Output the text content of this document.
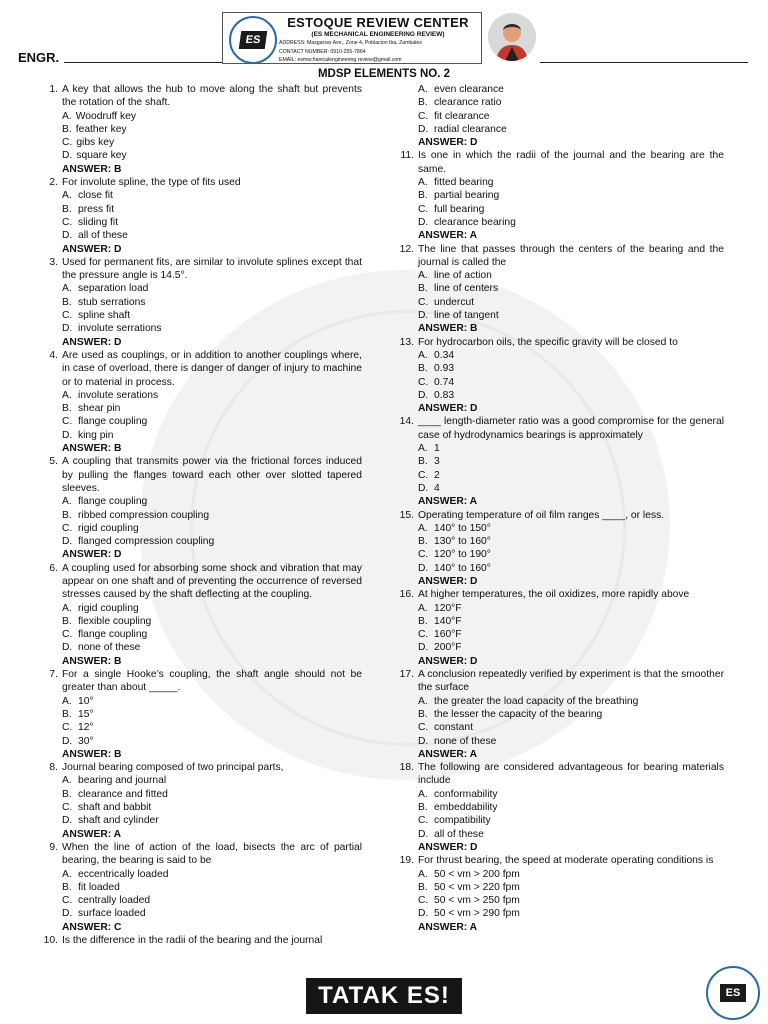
ES
ESTOQUE REVIEW CENTER
(ES MECHANICAL ENGINEERING REVIEW)
ADDRESS: Masgarsar Ave., Zone 4, Poblacion Iba, Zambales
CONTACT NUMBER: 0910-255-7864
EMAIL: esmechanicalengineering.review@gmail.com
ENGR.
MDSP ELEMENTS NO. 2
1. A key that allows the hub to move along the shaft but prevents the rotation of the shaft.
A. Woodruff key
B. feather key
C. gibs key
D. square key
ANSWER: B
2. For involute spline, the type of fits used
A. close fit
B. press fit
C. sliding fit
D. all of these
ANSWER: D
3. Used for permanent fits, are similar to involute splines except that the pressure angle is 14.5°.
A. separation load
B. stub serrations
C. spline shaft
D. involute serrations
ANSWER: D
4. Are used as couplings, or in addition to another couplings where, in case of overload, there is danger of danger of injury to machine or to material in process.
A. involute serations
B. shear pin
C. flange coupling
D. king pin
ANSWER: B
5. A coupling that transmits power via the frictional forces induced by pulling the flanges toward each other over slotted tapered sleeves.
A. flange coupling
B. ribbed compression coupling
C. rigid coupling
D. flanged compression coupling
ANSWER: D
6. A coupling used for absorbing some shock and vibration that may appear on one shaft and of preventing the occurrence of reversed stresses caused by the shaft deflecting at the coupling.
A. rigid coupling
B. flexible coupling
C. flange coupling
D. none of these
ANSWER: B
7. For a single Hooke’s coupling, the shaft angle should not be greater than about _____.
A. 10°
B. 15°
C. 12°
D. 30°
ANSWER: B
8. Journal bearing composed of two principal parts,
A. bearing and journal
B. clearance and fitted
C. shaft and babbit
D. shaft and cylinder
ANSWER: A
9. When the line of action of the load, bisects the arc of partial bearing, the bearing is said to be
A. eccentrically loaded
B. fit loaded
C. centrally loaded
D. surface loaded
ANSWER: C
10. Is the difference in the radii of the bearing and the journal
A. even clearance
B. clearance ratio
C. fit clearance
D. radial clearance
ANSWER: D
11. Is one in which the radii of the journal and the bearing are the same.
A. fitted bearing
B. partial bearing
C. full bearing
D. clearance bearing
ANSWER: A
12. The line that passes through the centers of the bearing and the journal is called the
A. line of action
B. line of centers
C. undercut
D. line of tangent
ANSWER: B
13. For hydrocarbon oils, the specific gravity will be closed to
A. 0.34
B. 0.93
C. 0.74
D. 0.83
ANSWER: D
14. ____ length-diameter ratio was a good compromise for the general case of hydrodynamics bearings is approximately
A. 1
B. 3
C. 2
D. 4
ANSWER: A
15. Operating temperature of oil film ranges ____, or less.
A. 140° to 150°
B. 130° to 160°
C. 120° to 190°
D. 140° to 160°
ANSWER: D
16. At higher temperatures, the oil oxidizes, more rapidly above
A. 120°F
B. 140°F
C. 160°F
D. 200°F
ANSWER: D
17. A conclusion repeatedly verified by experiment is that the smoother the surface
A. the greater the load capacity of the breathing
B. the lesser the capacity of the bearing
C. constant
D. none of these
ANSWER: A
18. The following are considered advantageous for bearing materials include
A. conformability
B. embeddability
C. compatibility
D. all of these
ANSWER: D
19. For thrust bearing, the speed at moderate operating conditions is
A. 50 < vm > 200 fpm
B. 50 < vm > 220 fpm
C. 50 < vm > 250 fpm
D. 50 < vm > 290 fpm
ANSWER: A
TATAK ES!	ES
